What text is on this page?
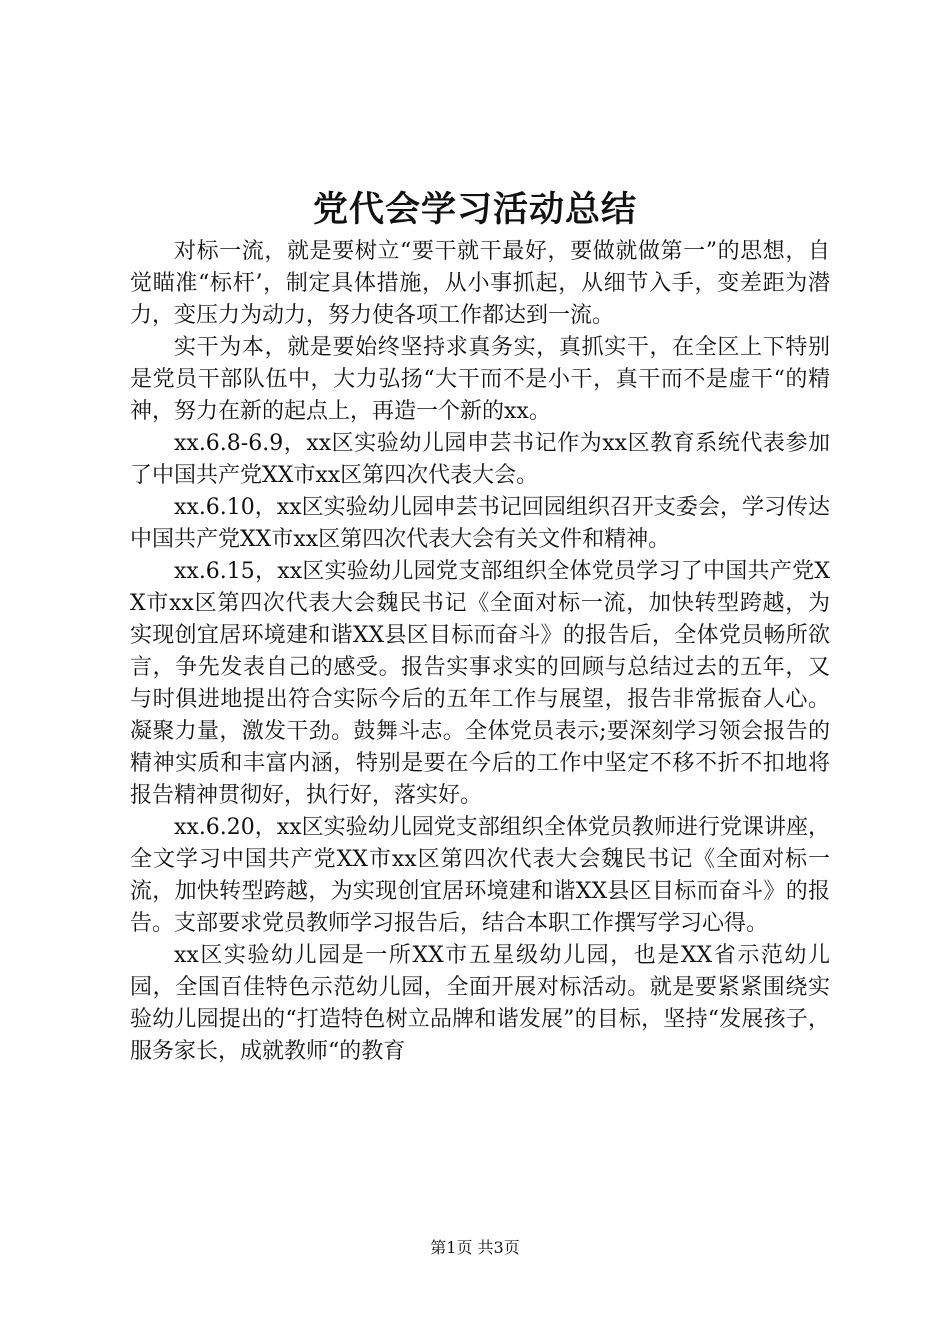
党代会学习活动总结

对标一流，就是要树立“要干就干最好，要做就做第一”的思想，自觉瞄准“标杆’，制定具体措施，从小事抓起，从细节入手，变差距为潜力，变压力为动力，努力使各项工作都达到一流。

实干为本，就是要始终坚持求真务实，真抓实干，在全区上下特别是党员干部队伍中，大力弘扬“大干而不是小干，真干而不是虚干“的精神，努力在新的起点上，再造一个新的xx。

xx.6.8-6.9，xx区实验幼儿园申芸书记作为xx区教育系统代表参加了中国共产党XX市xx区第四次代表大会。

xx.6.10，xx区实验幼儿园申芸书记回园组织召开支委会，学习传达中国共产党XX市xx区第四次代表大会有关文件和精神。

xx.6.15，xx区实验幼儿园党支部组织全体党员学习了中国共产党XX市xx区第四次代表大会魏民书记《全面对标一流，加快转型跨越，为实现创宜居环境建和谐XX县区目标而奋斗》的报告后，全体党员畅所欲言，争先发表自己的感受。报告实事求实的回顾与总结过去的五年，又与时俱进地提出符合实际今后的五年工作与展望，报告非常振奋人心。凝聚力量，激发干劲。鼓舞斗志。全体党员表示;要深刻学习领会报告的精神实质和丰富内涵，特别是要在今后的工作中坚定不移不折不扣地将报告精神贯彻好，执行好，落实好。

xx.6.20，xx区实验幼儿园党支部组织全体党员教师进行党课讲座，全文学习中国共产党XX市xx区第四次代表大会魏民书记《全面对标一流，加快转型跨越，为实现创宜居环境建和谐XX县区目标而奋斗》的报告。支部要求党员教师学习报告后，结合本职工作撰写学习心得。

xx区实验幼儿园是一所XX市五星级幼儿园，也是XX省示范幼儿园，全国百佳特色示范幼儿园，全面开展对标活动。就是要紧紧围绕实验幼儿园提出的“打造特色树立品牌和谐发展”的目标，坚持“发展孩子，服务家长，成就教师“的教育

第1页 共3页
